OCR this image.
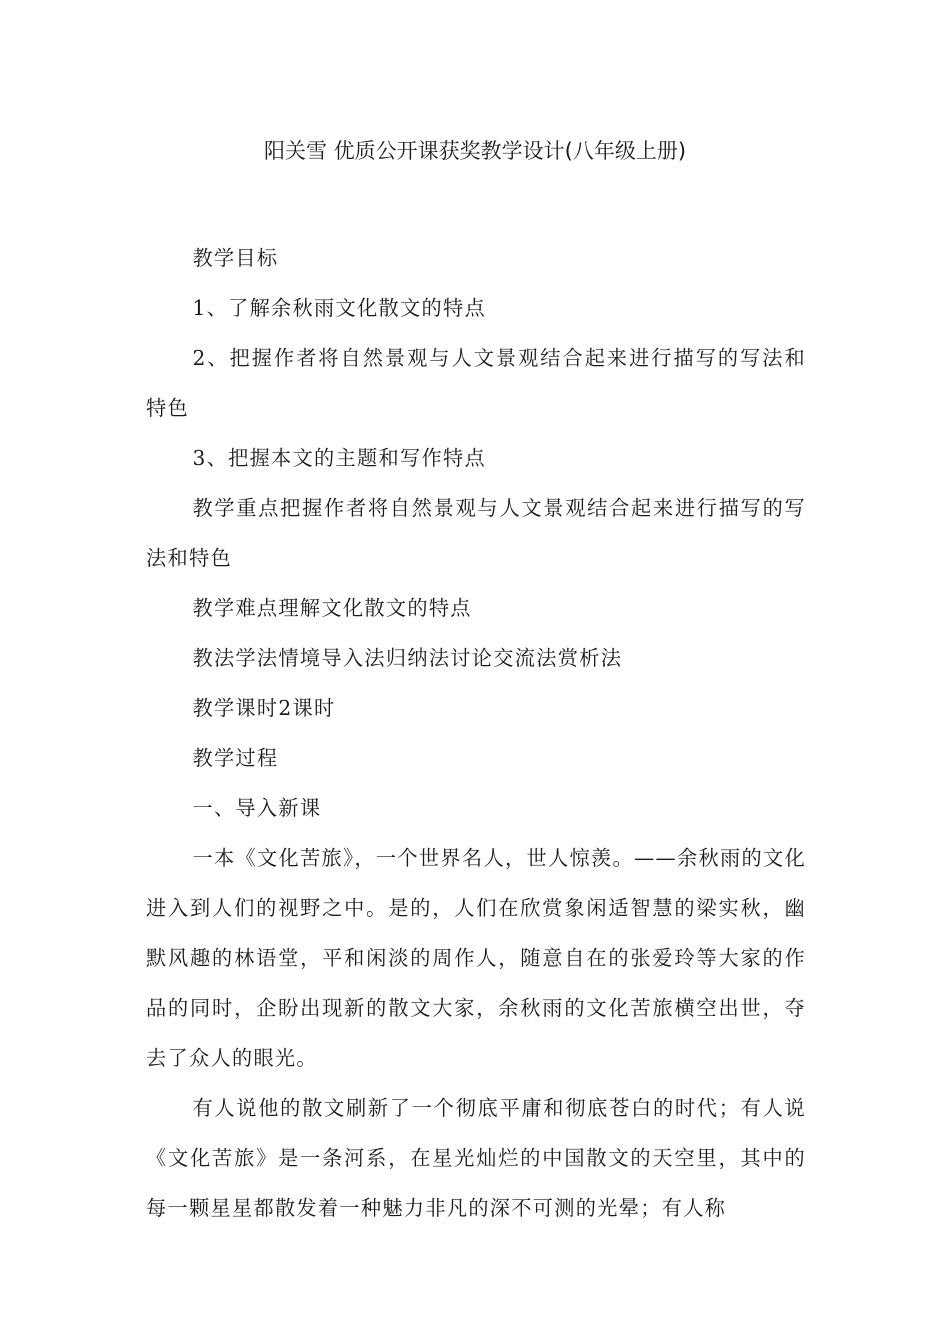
阳关雪 优质公开课获奖教学设计(八年级上册)

教学目标

1、了解余秋雨文化散文的特点

2、把握作者将自然景观与人文景观结合起来进行描写的写法和特色

3、把握本文的主题和写作特点

教学重点把握作者将自然景观与人文景观结合起来进行描写的写法和特色

教学难点理解文化散文的特点

教法学法情境导入法归纳法讨论交流法赏析法

教学课时2课时

教学过程

一、导入新课

一本《文化苦旅》，一个世界名人，世人惊羡。——余秋雨的文化进入到人们的视野之中。是的，人们在欣赏象闲适智慧的梁实秋，幽默风趣的林语堂，平和闲淡的周作人，随意自在的张爱玲等大家的作品的同时，企盼出现新的散文大家，余秋雨的文化苦旅横空出世，夺去了众人的眼光。

有人说他的散文刷新了一个彻底平庸和彻底苍白的时代；有人说《文化苦旅》是一条河系，在星光灿烂的中国散文的天空里，其中的每一颗星星都散发着一种魅力非凡的深不可测的光晕；有人称
